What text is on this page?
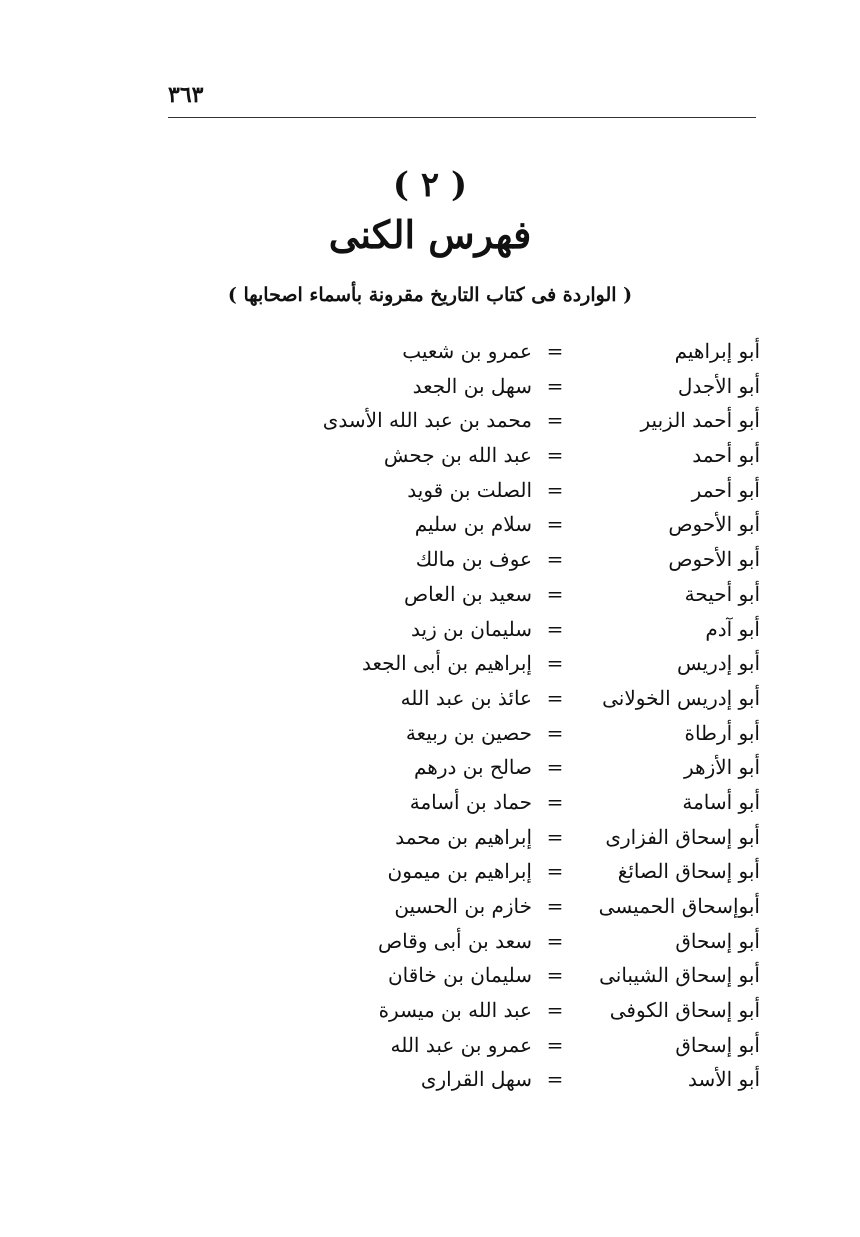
٣٦٣
( ٢ )
فهرس الكنى
( الواردة فى كتاب التاريخ مقرونة بأسماء اصحابها )
أبو إبراهيم
=
عمرو بن شعيب
أبو الأجدل
=
سهل بن الجعد
أبو أحمد الزبير
=
محمد بن عبد الله الأسدى
أبو أحمد
=
عبد الله بن جحش
أبو أحمر
=
الصلت بن قويد
أبو الأحوص
=
سلام بن سليم
أبو الأحوص
=
عوف بن مالك
أبو أحيحة
=
سعيد بن العاص
أبو آدم
=
سليمان بن زيد
أبو إدريس
=
إبراهيم بن أبى الجعد
أبو إدريس الخولانى
=
عائذ بن عبد الله
أبو أرطاة
=
حصين بن ربيعة
أبو الأزهر
=
صالح بن درهم
أبو أسامة
=
حماد بن أسامة
أبو إسحاق الفزارى
=
إبراهيم بن محمد
أبو إسحاق الصائغ
=
إبراهيم بن ميمون
أبوإسحاق الحميسى
=
خازم بن الحسين
أبو إسحاق
=
سعد بن أبى وقاص
أبو إسحاق الشيبانى
=
سليمان بن خاقان
أبو إسحاق الكوفى
=
عبد الله بن ميسرة
أبو إسحاق
=
عمرو بن عبد الله
أبو الأسد
=
سهل القرارى
